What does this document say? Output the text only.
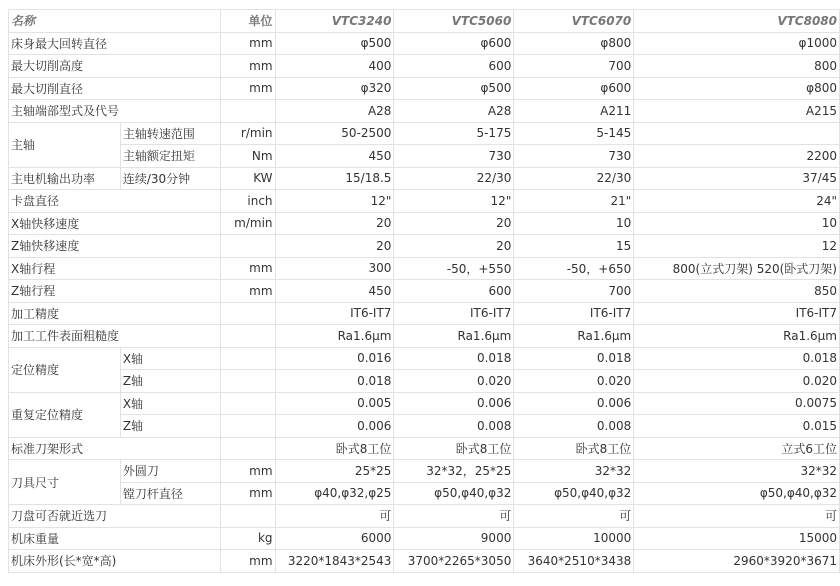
名称		单位	VTC3240	VTC5060	VTC6070	VTC8080
床身最大回转直径		mm	φ500	φ600	φ800	φ1000
最大切削高度		mm	400	600	700	800
最大切削直径		mm	φ320	φ500	φ600	φ800
主轴端部型式及代号			A28	A28	A211	A215
主轴	主轴转速范围	r/min	50-2500	5-175	5-145	
	主轴额定扭矩	Nm	450	730	730	2200
主电机输出功率	连续/30分钟	KW	15/18.5	22/30	22/30	37/45
卡盘直径		inch	12"	12"	21"	24"
X轴快移速度		m/min	20	20	10	10
Z轴快移速度			20	20	15	12
X轴行程		mm	300	-50，+550	-50，+650	800(立式刀架) 520(卧式刀架)
Z轴行程		mm	450	600	700	850
加工精度			IT6-IT7	IT6-IT7	IT6-IT7	IT6-IT7
加工工件表面粗糙度			Ra1.6μm	Ra1.6μm	Ra1.6μm	Ra1.6μm
定位精度	X轴		0.016	0.018	0.018	0.018
	Z轴		0.018	0.020	0.020	0.020
重复定位精度	X轴		0.005	0.006	0.006	0.0075
	Z轴		0.006	0.008	0.008	0.015
标准刀架形式			卧式8工位	卧式8工位	卧式8工位	立式6工位
刀具尺寸	外圆刀	mm	25*25	32*32，25*25	32*32	32*32
	镗刀杆直径	mm	φ40,φ32,φ25	φ50,φ40,φ32	φ50,φ40,φ32	φ50,φ40,φ32
刀盘可否就近选刀			可	可	可	可
机床重量		kg	6000	9000	10000	15000
机床外形(长*宽*高)		mm	3220*1843*2543	3700*2265*3050	3640*2510*3438	2960*3920*3671
